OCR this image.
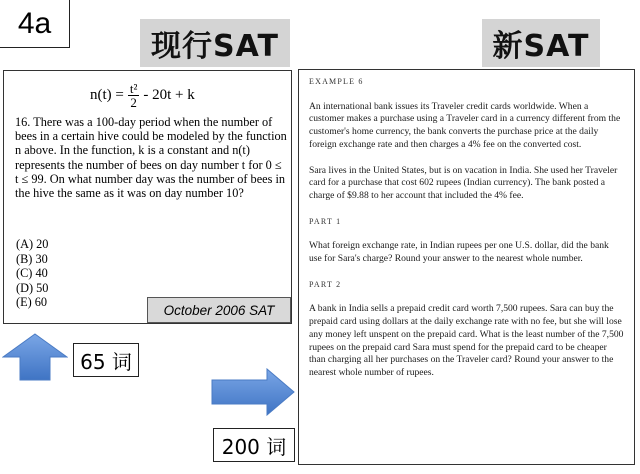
4a
现行SAT	新SAT
$n(t) = \frac{\text{t²}}{2} - 20t + k$
16. There was a 100-day period when the number of bees in a certain hive could be modeled by the function n above. In the function, k is a constant and n(t) represents the number of bees on day number t for 0 ≤ t ≤ 99. On what number day was the number of bees in the hive the same as it was on day number 10?
(A) 20
(B) 30
(C) 40
(D) 50
(E) 60
October 2006 SAT
65 词
200 词
EXAMPLE 6

An international bank issues its Traveler credit cards worldwide. When a customer makes a purchase using a Traveler card in a currency different from the customer's home currency, the bank converts the purchase price at the daily foreign exchange rate and then charges a 4% fee on the converted cost.

Sara lives in the United States, but is on vacation in India. She used her Traveler card for a purchase that cost 602 rupees (Indian currency). The bank posted a charge of $9.88 to her account that included the 4% fee.

PART 1

What foreign exchange rate, in Indian rupees per one U.S. dollar, did the bank use for Sara's charge? Round your answer to the nearest whole number.

PART 2

A bank in India sells a prepaid credit card worth 7,500 rupees. Sara can buy the prepaid card using dollars at the daily exchange rate with no fee, but she will lose any money left unspent on the prepaid card. What is the least number of the 7,500 rupees on the prepaid card Sara must spend for the prepaid card to be cheaper than charging all her purchases on the Traveler card? Round your answer to the nearest whole number of rupees.
